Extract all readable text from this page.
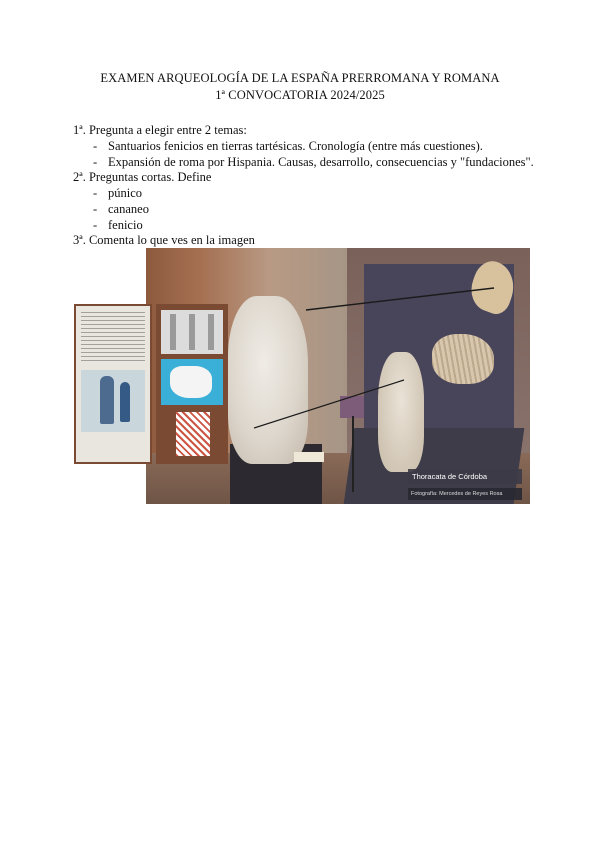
EXAMEN ARQUEOLOGÍA DE LA ESPAÑA PRERROMANA Y ROMANA
1ª CONVOCATORIA 2024/2025
1ª. Pregunta a elegir entre 2 temas:
- Santuarios fenicios en tierras tartésicas. Cronología (entre más cuestiones).
- Expansión de roma por Hispania. Causas, desarrollo, consecuencias y "fundaciones".
2ª. Preguntas cortas. Define
- púnico
- cananeo
- fenicio
3ª. Comenta lo que ves en la imagen
Thoracata de Córdoba
Fotografía: Mercedes de Reyes Rosa
